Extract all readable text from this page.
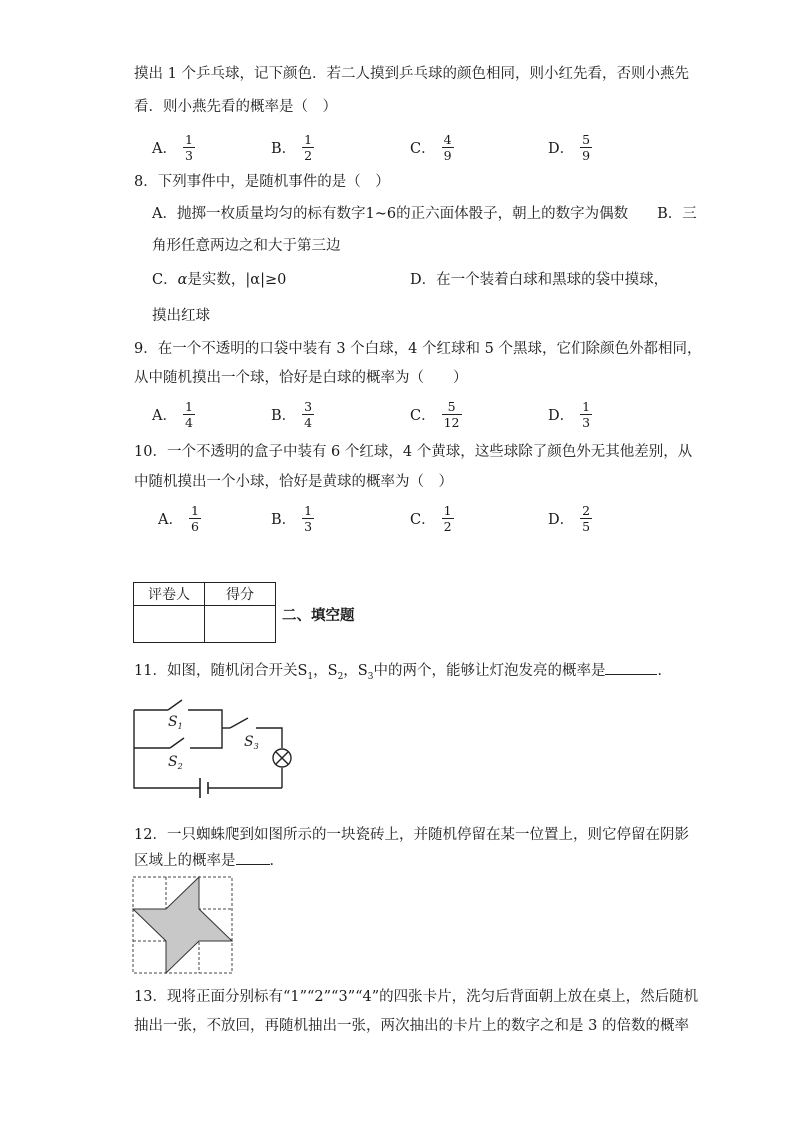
摸出 1 个乒乓球，记下颜色．若二人摸到乒乓球的颜色相同，则小红先看，否则小燕先
看．则小燕先看的概率是（　）
A． $\frac{1}{3}$	B． $\frac{1}{2}$	C． $\frac{4}{9}$	D． $\frac{5}{9}$
8．下列事件中，是随机事件的是（　）
A．抛掷一枚质量均匀的标有数字1~6的正六面体骰子，朝上的数字为偶数　　B．三
角形任意两边之和大于第三边
C．α是实数，|α|≥0	D．在一个装着白球和黑球的袋中摸球，
摸出红球
9．在一个不透明的口袋中装有 3 个白球，4 个红球和 5 个黑球，它们除颜色外都相同，
从中随机摸出一个球，恰好是白球的概率为（　　）
A． $\frac{1}{4}$	B． $\frac{3}{4}$	C． $\frac{5}{12}$	D． $\frac{1}{3}$
10．一个不透明的盒子中装有 6 个红球，4 个黄球，这些球除了颜色外无其他差别，从
中随机摸出一个小球，恰好是黄球的概率为（　）
A． $\frac{1}{6}$	B． $\frac{1}{3}$	C． $\frac{1}{2}$	D． $\frac{2}{5}$
评卷人	得分

二、填空题
11．如图，随机闭合开关$S_1$，$S_2$，$S_3$中的两个，能够让灯泡发亮的概率是	．
$S_1$
$S_2$
$S_3$
12．一只蜘蛛爬到如图所示的一块瓷砖上，并随机停留在某一位置上，则它停留在阴影
区域上的概率是 ．
13．现将正面分别标有“1”“2”“3”“4”的四张卡片，洗匀后背面朝上放在桌上，然后随机
抽出一张，不放回，再随机抽出一张，两次抽出的卡片上的数字之和是 3 的倍数的概率
